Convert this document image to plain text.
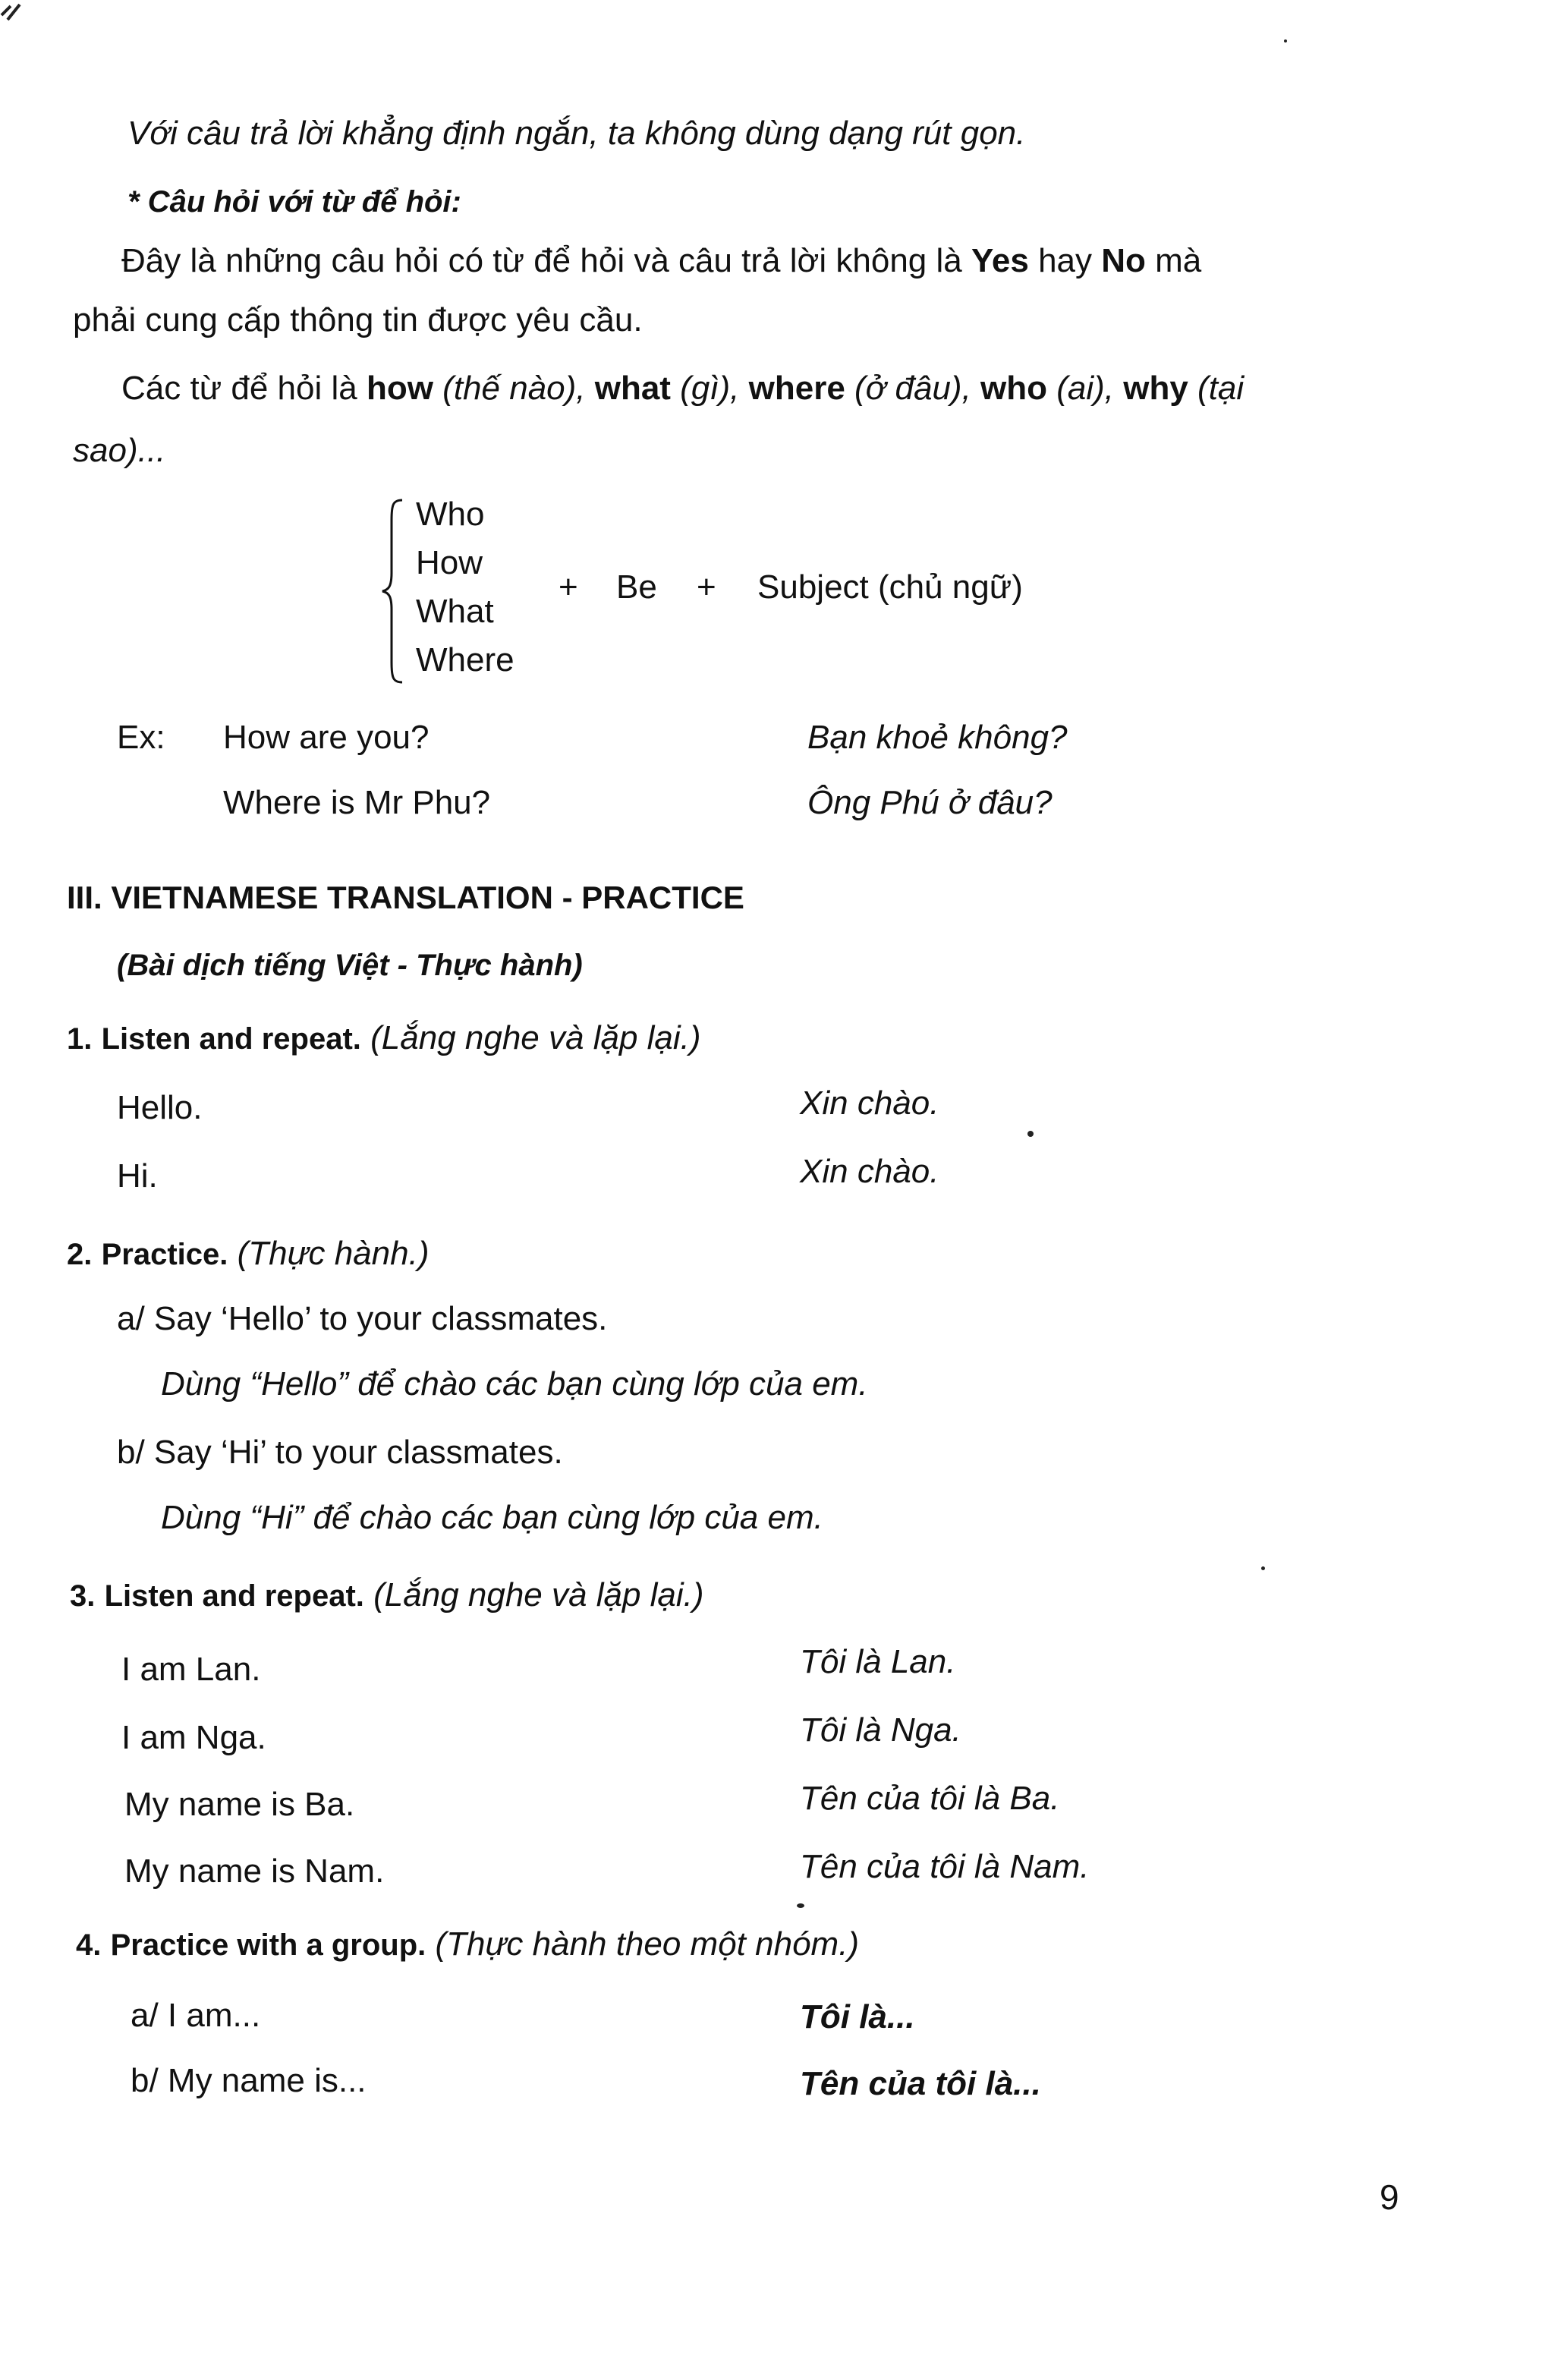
Với câu trả lời khẳng định ngắn, ta không dùng dạng rút gọn.
* Câu hỏi với từ để hỏi:
Đây là những câu hỏi có từ để hỏi và câu trả lời không là Yes hay No mà
phải cung cấp thông tin được yêu cầu.
Các từ để hỏi là how (thế nào), what (gì), where (ở đâu), who (ai), why (tại
sao)...
Who
How
What
Where
+ Be + Subject (chủ ngữ)
Ex: How are you?	Bạn khoẻ không?
Where is Mr Phu?	Ông Phú ở đâu?
III. VIETNAMESE TRANSLATION - PRACTICE
(Bài dịch tiếng Việt - Thực hành)
1. Listen and repeat. (Lắng nghe và lặp lại.)
Hello.	Xin chào.
Hi.	Xin chào.
2. Practice. (Thực hành.)
a/ Say ‘Hello’ to your classmates.
Dùng “Hello” để chào các bạn cùng lớp của em.
b/ Say ‘Hi’ to your classmates.
Dùng “Hi” để chào các bạn cùng lớp của em.
3. Listen and repeat. (Lắng nghe và lặp lại.)
I am Lan.	Tôi là Lan.
I am Nga.	Tôi là Nga.
My name is Ba.	Tên của tôi là Ba.
My name is Nam.	Tên của tôi là Nam.
4. Practice with a group. (Thực hành theo một nhóm.)
a/ I am...	Tôi là...
b/ My name is...	Tên của tôi là...
9
